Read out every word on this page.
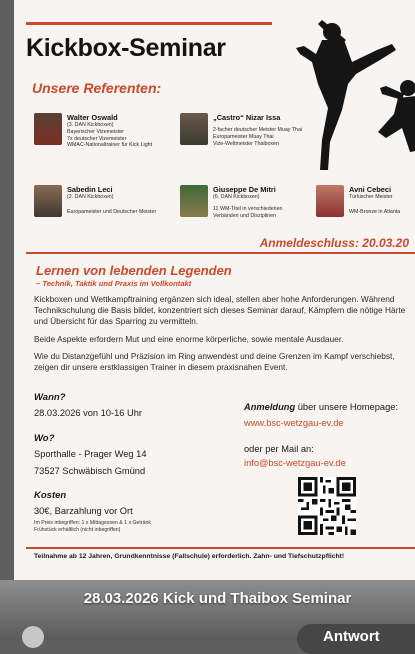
Kickbox-Seminar
Unsere Referenten:
Walter Oswald
(3. DAN Kickboxen)
Bayerischer Vizemeister
7x deutscher Vizemeister
WMAC-Nationaltrainer für Kick Light
„Castro“ Nizar Issa
2-facher deutscher Meister Muay Thai
Europameister Muay Thai
Vize-Weltmeister Thaiboxen
Sabedin Leci
(2. DAN Kickboxen)
Europameister und Deutscher Meister
Giuseppe De Mitri
(6. DAN Kickboxen)
11 WM-Titel in verschiedenen
Verbänden und Disziplinen
Avni Cebeci
Türkischer Meister
WM-Bronze in Atlanta
Anmeldeschluss: 20.03.20
Lernen von lebenden Legenden
– Technik, Taktik und Praxis im Vollkontakt
Kickboxen und Wettkampftraining ergänzen sich ideal, stellen aber hohe Anforderungen. Während Technikschulung die Basis bildet, konzentriert sich dieses Seminar darauf, Kämpfern die nötige Härte und Übersicht für das Sparring zu vermitteln.
Beide Aspekte erfordern Mut und eine enorme körperliche, sowie mentale Ausdauer.
Wie du Distanzgefühl und Präzision im Ring anwendest und deine Grenzen im Kampf verschiebst, zeigen dir unsere erstklassigen Trainer in diesem praxisnahen Event.
Wann?
28.03.2026 von 10-16 Uhr
Wo?
Sporthalle - Prager Weg 14
73527 Schwäbisch Gmünd
Kosten
30€, Barzahlung vor Ort
Im Preis inbegriffen: 1 x Mittagessen & 1 x Getränk
Frühstück erhältlich (nicht inbegriffen)
Anmeldung über unsere Homepage:
www.bsc-wetzgau-ev.de
oder per Mail an:
info@bsc-wetzgau-ev.de
Teilnahme ab 12 Jahren, Grundkenntnisse (Fallschule) erforderlich. Zahn- und Tiefschutzpflicht!
28.03.2026 Kick und Thaibox Seminar
Antwort
